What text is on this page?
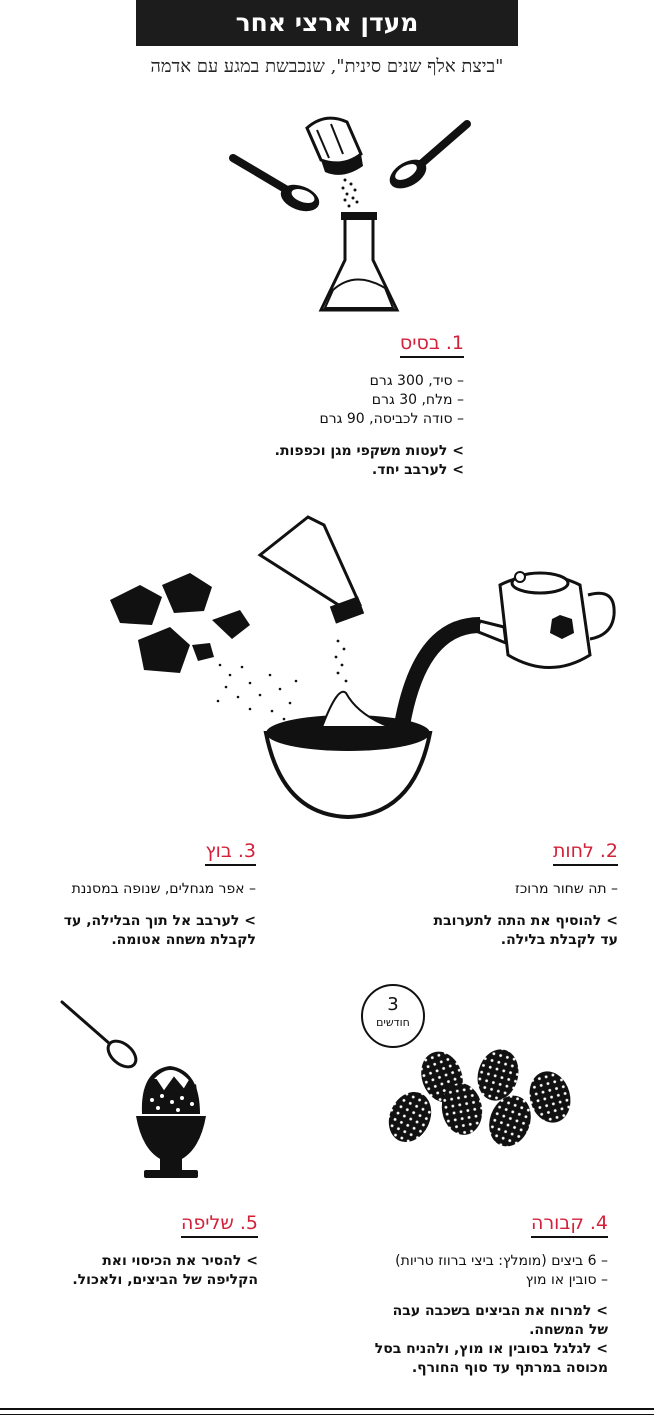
מעדן ארצי אחר
"ביצת אלף שנים סינית", שנכבשת במגע עם אדמה
1. בסיס
– סיד, 300 גרם
– מלח, 30 גרם
– סודה לכביסה, 90 גרם
> לעטות משקפי מגן וכפפות.
> לערבב יחד.
2. לחות
– תה שחור מרוכז
> להוסיף את התה לתערובת
עד לקבלת בלילה.
3. בוץ
– אפר מגחלים, שנופה במסננת
> לערבב אל תוך הבלילה, עד
לקבלת משחה אטומה.
3
חודשים
4. קבורה
– 6 ביצים (מומלץ: ביצי ברווז טריות)
– סובין או מוץ
> למרוח את הביצים בשכבה עבה
של המשחה.
> לגלגל בסובין או מוץ, ולהניח בסל
מכוסה במרתף עד סוף החורף.
5. שליפה
> להסיר את הכיסוי ואת
הקליפה של הביצים, ולאכול.
